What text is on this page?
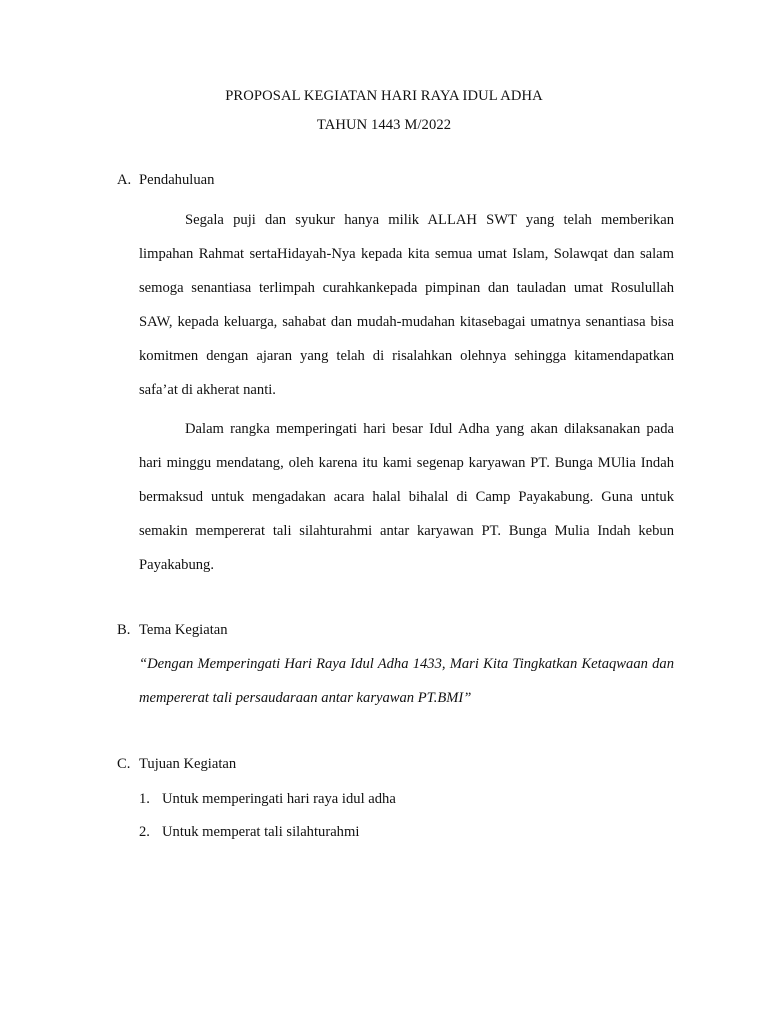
PROPOSAL KEGIATAN HARI RAYA IDUL ADHA
TAHUN 1443 M/2022
A. Pendahuluan

Segala puji dan syukur hanya milik ALLAH SWT yang telah memberikan limpahan Rahmat sertaHidayah-Nya kepada kita semua umat Islam, Solawqat dan salam semoga senantiasa terlimpah curahkankepada pimpinan dan tauladan umat Rosulullah SAW, kepada keluarga, sahabat dan mudah-mudahan kitasebagai umatnya senantiasa bisa komitmen dengan ajaran yang telah di risalahkan olehnya sehingga kitamendapatkan safa’at di akherat nanti.

Dalam rangka memperingati hari besar Idul Adha yang akan dilaksanakan pada hari minggu mendatang, oleh karena itu kami segenap karyawan PT. Bunga MUlia Indah bermaksud untuk mengadakan acara halal bihalal di Camp Payakabung. Guna untuk semakin mempererat tali silahturahmi antar karyawan PT. Bunga Mulia Indah kebun Payakabung.

B. Tema Kegiatan

“Dengan Memperingati Hari Raya Idul Adha 1433, Mari Kita Tingkatkan Ketaqwaan dan mempererat tali persaudaraan antar karyawan PT.BMI”

C. Tujuan Kegiatan
1. Untuk memperingati hari raya idul adha
2. Untuk memperat tali silahturahmi
